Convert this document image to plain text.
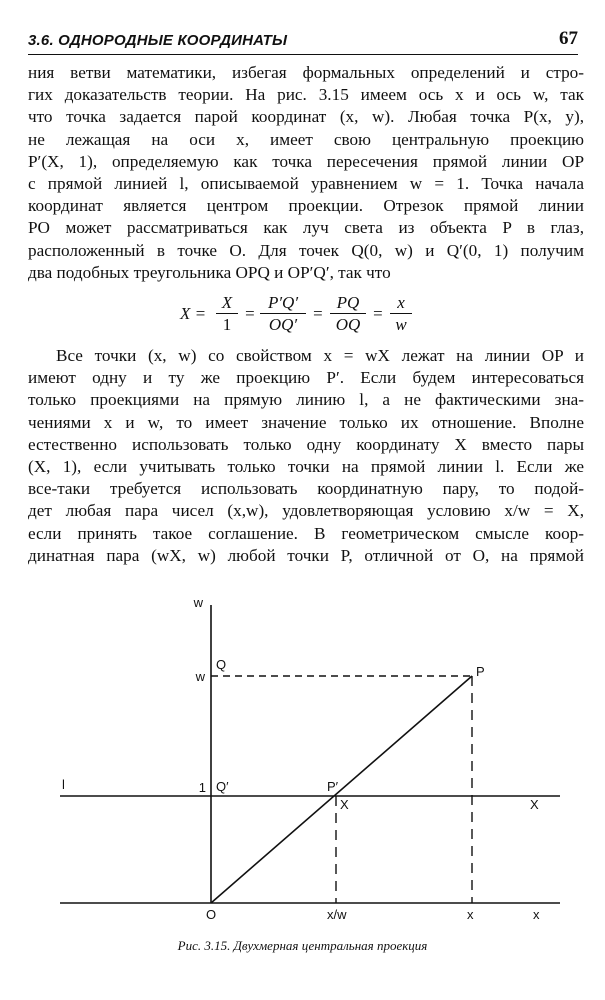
3.6. ОДНОРОДНЫЕ КООРДИНАТЫ	67
ния ветви математики, избегая формальных определений и стро-
гих доказательств теории. На рис. 3.15 имеем ось x и ось w, так
что точка задается парой координат (x, w). Любая точка P(x, y),
не лежащая на оси x, имеет свою центральную проекцию
P′(X, 1), определяемую как точка пересечения прямой линии OP
с прямой линией l, описываемой уравнением w = 1. Точка начала
координат является центром проекции. Отрезок прямой линии
PO может рассматриваться как луч света из объекта P в глаз,
расположенный в точке O. Для точек Q(0, w) и Q′(0, 1) получим
два подобных треугольника OPQ и OP′Q′, так что
$X = \frac{X}{1} = \frac{P'Q'}{OQ'} = \frac{PQ}{OQ} = \frac{x}{w}$
Все точки (x, w) со свойством x = wX лежат на линии OP и
имеют одну и ту же проекцию P′. Если будем интересоваться
только проекциями на прямую линию l, а не фактическими зна-
чениями x и w, то имеет значение только их отношение. Вполне
естественно использовать только одну координату X вместо пары
(X, 1), если учитывать только точки на прямой линии l. Если же
все-таки требуется использовать координатную пару, то подой-
дет любая пара чисел (x,w), удовлетворяющая условию x/w = X,
если принять такое соглашение. В геометрическом смысле коор-
динатная пара (wX, w) любой точки P, отличной от O, на прямой
w
w
Q	P
l	1 Q′	P′
X	X
O	x/w	x	x
Рис. 3.15. Двухмерная центральная проекция
